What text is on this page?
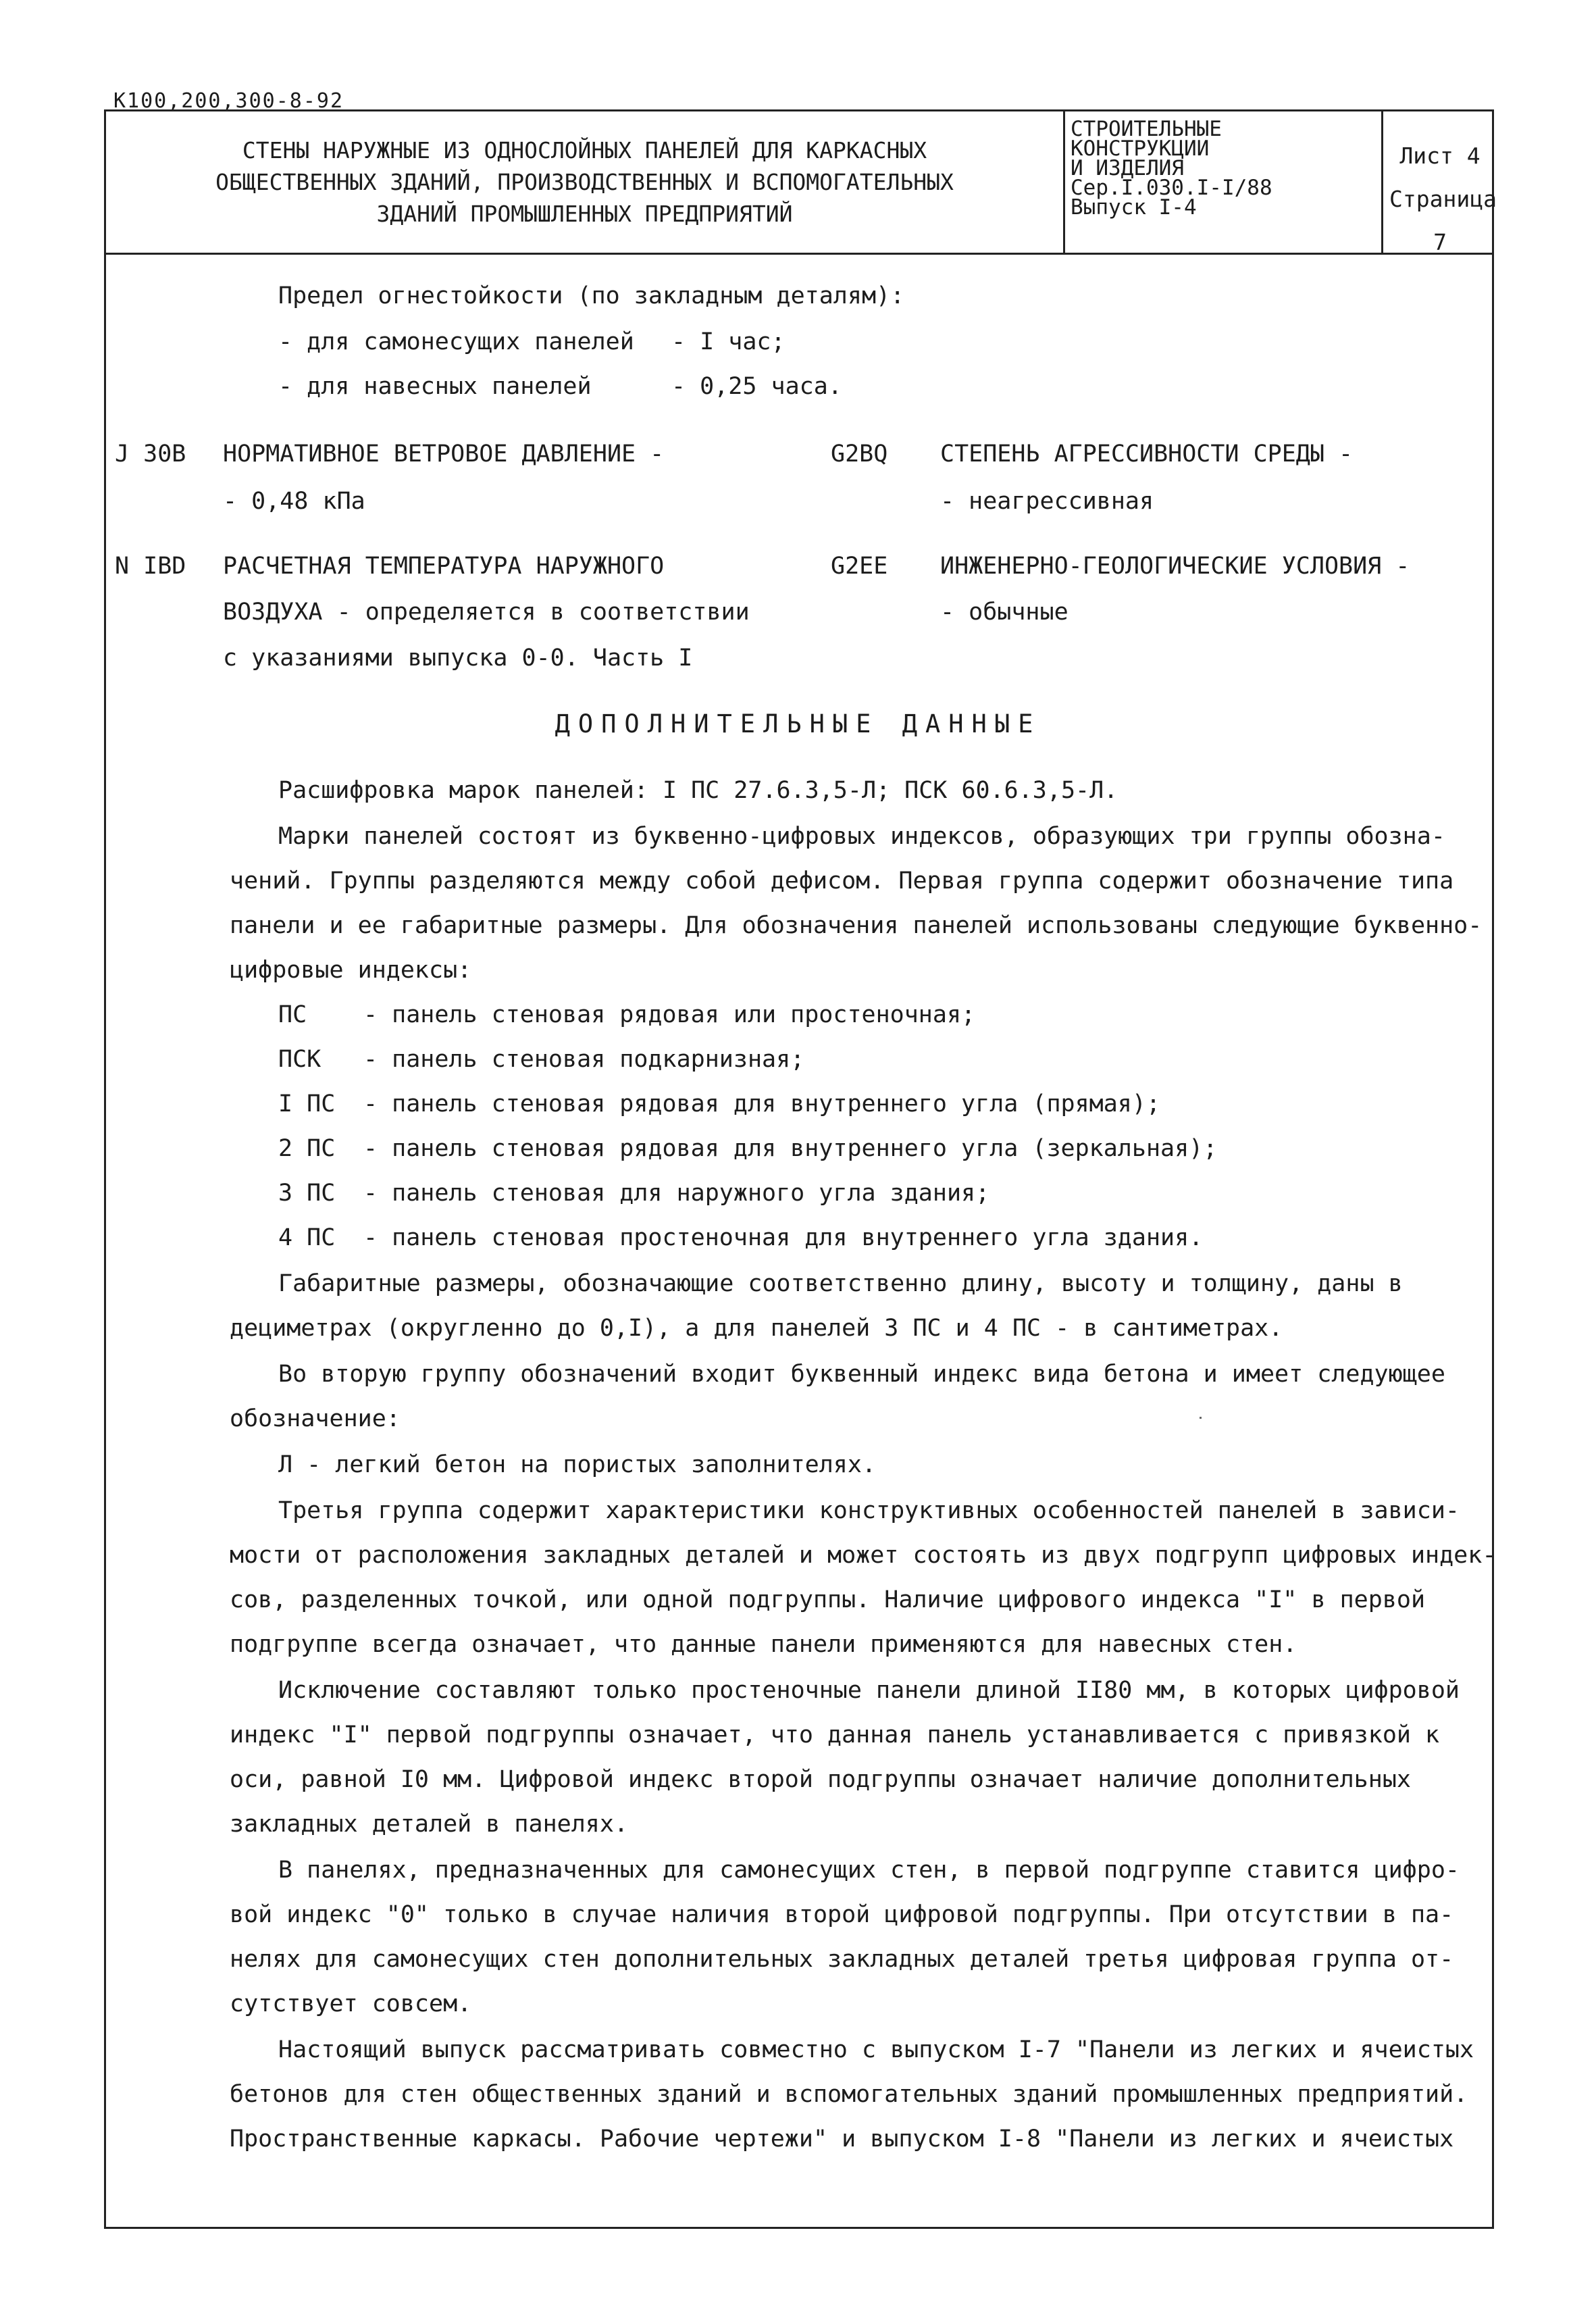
К100,200,300-8-92
СТЕНЫ НАРУЖНЫЕ ИЗ ОДНОСЛОЙНЫХ ПАНЕЛЕЙ ДЛЯ КАРКАСНЫХ
ОБЩЕСТВЕННЫХ ЗДАНИЙ, ПРОИЗВОДСТВЕННЫХ И ВСПОМОГАТЕЛЬНЫХ
ЗДАНИЙ ПРОМЫШЛЕННЫХ ПРЕДПРИЯТИЙ
СТРОИТЕЛЬНЫЕ
КОНСТРУКЦИИ
И ИЗДЕЛИЯ
Сер.I.030.I-I/88
Выпуск I-4
Лист 4
Страница 7
Предел огнестойкости (по закладным деталям):
- для самонесущих панелей - I час;
- для навесных панелей	- 0,25 часа.
J 30B НОРМАТИВНОЕ ВЕТРОВОЕ ДАВЛЕНИЕ -
- 0,48 кПа
G2BQ СТЕПЕНЬ АГРЕССИВНОСТИ СРЕДЫ -
- неагрессивная
N IBD РАСЧЕТНАЯ ТЕМПЕРАТУРА НАРУЖНОГО
ВОЗДУХА - определяется в соответствии
с указаниями выпуска 0-0. Часть I
G2EE ИНЖЕНЕРНО-ГЕОЛОГИЧЕСКИЕ УСЛОВИЯ -
- обычные
ДОПОЛНИТЕЛЬНЫЕ ДАННЫЕ
Расшифровка марок панелей: I ПС 27.6.3,5-Л; ПСК 60.6.3,5-Л.
Марки панелей состоят из буквенно-цифровых индексов, образующих три группы обозна-
чений. Группы разделяются между собой дефисом. Первая группа содержит обозначение типа
панели и ее габаритные размеры. Для обозначения панелей использованы следующие буквенно-
цифровые индексы:
ПС - панель стеновая рядовая или простеночная;
ПСК - панель стеновая подкарнизная;
I ПС - панель стеновая рядовая для внутреннего угла (прямая);
2 ПС - панель стеновая рядовая для внутреннего угла (зеркальная);
3 ПС - панель стеновая для наружного угла здания;
4 ПС - панель стеновая простеночная для внутреннего угла здания.
Габаритные размеры, обозначающие соответственно длину, высоту и толщину, даны в
дециметрах (округленно до 0,I), а для панелей 3 ПС и 4 ПС - в сантиметрах.
Во вторую группу обозначений входит буквенный индекс вида бетона и имеет следующее
обозначение:
Л - легкий бетон на пористых заполнителях.
Третья группа содержит характеристики конструктивных особенностей панелей в зависи-
мости от расположения закладных деталей и может состоять из двух подгрупп цифровых индек-
сов, разделенных точкой, или одной подгруппы. Наличие цифрового индекса "I" в первой
подгруппе всегда означает, что данные панели применяются для навесных стен.
Исключение составляют только простеночные панели длиной II80 мм, в которых цифровой
индекс "I" первой подгруппы означает, что данная панель устанавливается с привязкой к
оси, равной I0 мм. Цифровой индекс второй подгруппы означает наличие дополнительных
закладных деталей в панелях.
В панелях, предназначенных для самонесущих стен, в первой подгруппе ставится цифро-
вой индекс "0" только в случае наличия второй цифровой подгруппы. При отсутствии в па-
нелях для самонесущих стен дополнительных закладных деталей третья цифровая группа от-
сутствует совсем.
Настоящий выпуск рассматривать совместно с выпуском I-7 "Панели из легких и ячеистых
бетонов для стен общественных зданий и вспомогательных зданий промышленных предприятий.
Пространственные каркасы. Рабочие чертежи" и выпуском I-8 "Панели из легких и ячеистых
